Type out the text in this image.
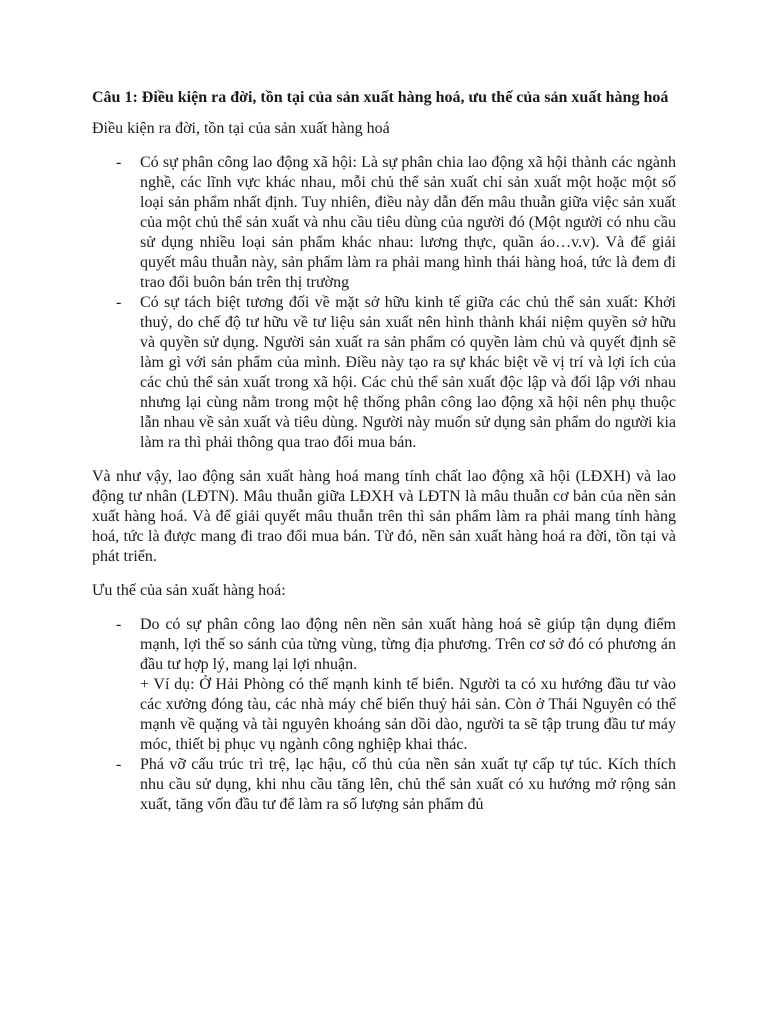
Câu 1: Điều kiện ra đời, tồn tại của sản xuất hàng hoá, ưu thế của sản xuất hàng hoá
Điều kiện ra đời, tồn tại của sản xuất hàng hoá
- Có sự phân công lao động xã hội: Là sự phân chia lao động xã hội thành các ngành nghề, các lĩnh vực khác nhau, mỗi chủ thể sản xuất chỉ sản xuất một hoặc một số loại sản phẩm nhất định. Tuy nhiên, điều này dẫn đến mâu thuẫn giữa việc sản xuất của một chủ thể sản xuất và nhu cầu tiêu dùng của người đó (Một người có nhu cầu sử dụng nhiều loại sản phẩm khác nhau: lương thực, quần áo…v.v). Và để giải quyết mâu thuẫn này, sản phẩm làm ra phải mang hình thái hàng hoá, tức là đem đi trao đổi buôn bán trên thị trường
- Có sự tách biệt tương đối về mặt sở hữu kinh tế giữa các chủ thể sản xuất: Khởi thuỷ, do chế độ tư hữu về tư liệu sản xuất nên hình thành khái niệm quyền sở hữu và quyền sử dụng. Người sản xuất ra sản phẩm có quyền làm chủ và quyết định sẽ làm gì với sản phẩm của mình. Điều này tạo ra sự khác biệt về vị trí và lợi ích của các chủ thể sản xuất trong xã hội. Các chủ thể sản xuất độc lập và đối lập với nhau nhưng lại cùng nằm trong một hệ thống phân công lao động xã hội nên phụ thuộc lẫn nhau về sản xuất và tiêu dùng. Người này muốn sử dụng sản phẩm do người kia làm ra thì phải thông qua trao đổi mua bán.
Và như vậy, lao động sản xuất hàng hoá mang tính chất lao động xã hội (LĐXH) và lao động tư nhân (LĐTN). Mâu thuẫn giữa LĐXH và LĐTN là mâu thuẫn cơ bản của nền sản xuất hàng hoá. Và để giải quyết mâu thuẫn trên thì sản phẩm làm ra phải mang tính hàng hoá, tức là được mang đi trao đổi mua bán. Từ đó, nền sản xuất hàng hoá ra đời, tồn tại và phát triển.
Ưu thế của sản xuất hàng hoá:
- Do có sự phân công lao động nên nền sản xuất hàng hoá sẽ giúp tận dụng điểm mạnh, lợi thế so sánh của từng vùng, từng địa phương. Trên cơ sở đó có phương án đầu tư hợp lý, mang lại lợi nhuận.
+ Ví dụ: Ở Hải Phòng có thế mạnh kinh tế biển. Người ta có xu hướng đầu tư vào các xưởng đóng tàu, các nhà máy chế biến thuỷ hải sản. Còn ở Thái Nguyên có thế mạnh về quặng và tài nguyên khoáng sản dồi dào, người ta sẽ tập trung đầu tư máy móc, thiết bị phục vụ ngành công nghiệp khai thác.
- Phá vỡ cấu trúc trì trệ, lạc hậu, cố thủ của nền sản xuất tự cấp tự túc. Kích thích nhu cầu sử dụng, khi nhu cầu tăng lên, chủ thể sản xuất có xu hướng mở rộng sản xuất, tăng vốn đầu tư để làm ra số lượng sản phẩm đủ
